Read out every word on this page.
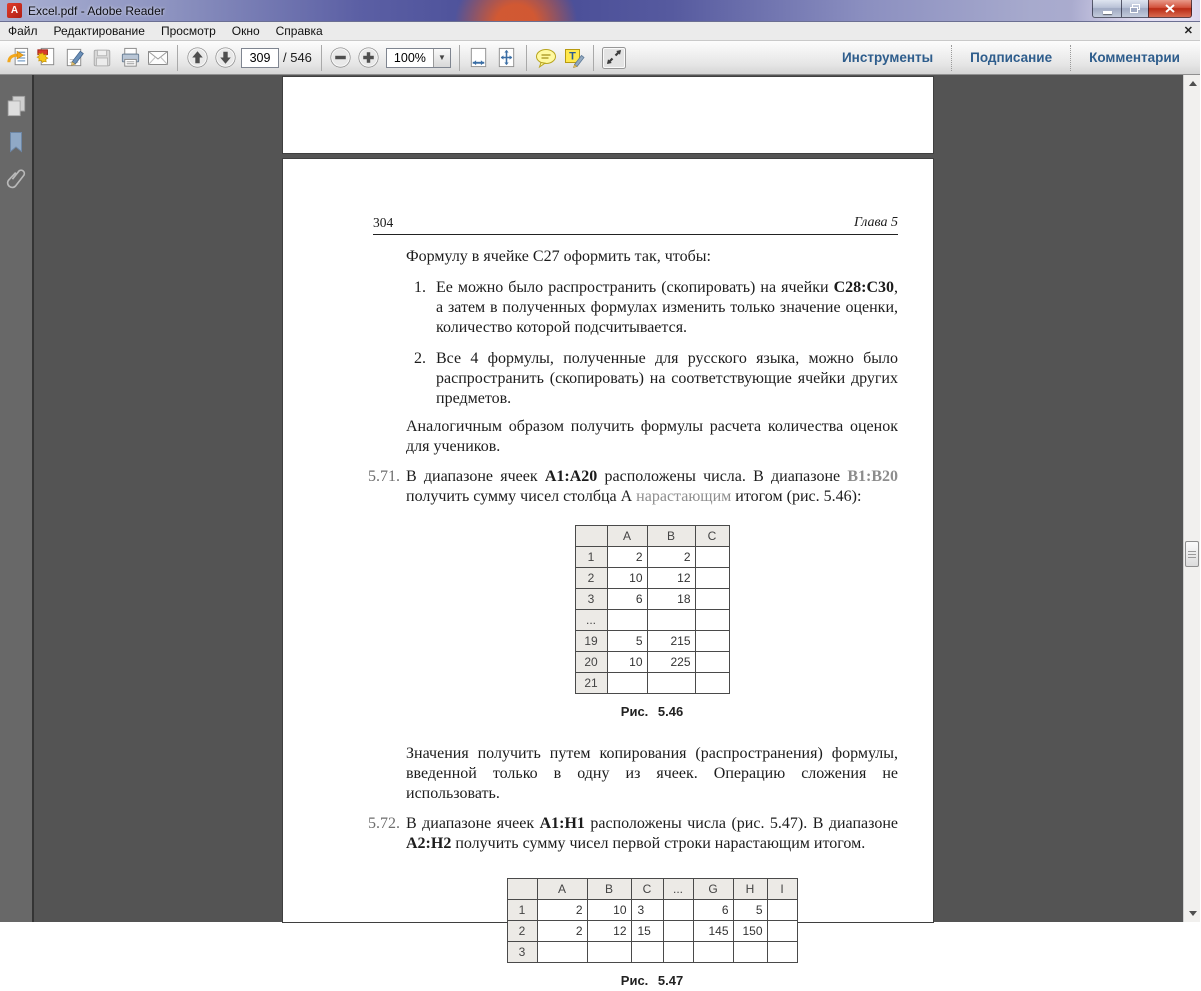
A Excel.pdf - Adobe Reader
Файл	Редактирование	Просмотр	Окно	Справка	✕
309
/ 546	100%	▼	T	Инструменты	Подписание	Комментарии
304	Глава 5
Формулу в ячейке С27 оформить так, чтобы:
1. Ее можно было распространить (скопировать) на ячейки С28:С30, а затем в полученных формулах изменить только значение оценки, количество которой подсчитывается.
2. Все 4 формулы, полученные для русского языка, можно было распространить (скопировать) на соответствующие ячейки других предметов.
Аналогичным образом получить формулы расчета количества оценок для учеников.
5.71. В диапазоне ячеек А1:А20 расположены числа. В диапазоне В1:В20 получить сумму чисел столбца А нарастающим итогом (рис. 5.46):
	А	В	С
1	2	2	
2	10	12	
3	6	18	
...			
19	5	215	
20	10	225	
21			
Рис. 5.46
Значения получить путем копирования (распространения) формулы, введенной только в одну из ячеек. Операцию сложения не использовать.
5.72. В диапазоне ячеек А1:Н1 расположены числа (рис. 5.47). В диапазоне А2:Н2 получить сумму чисел первой строки нарастающим итогом.
	А	В	С	...	G	Н	I
1	2	10	3		6	5	
2	2	12	15		145	150	
3							
Рис. 5.47
